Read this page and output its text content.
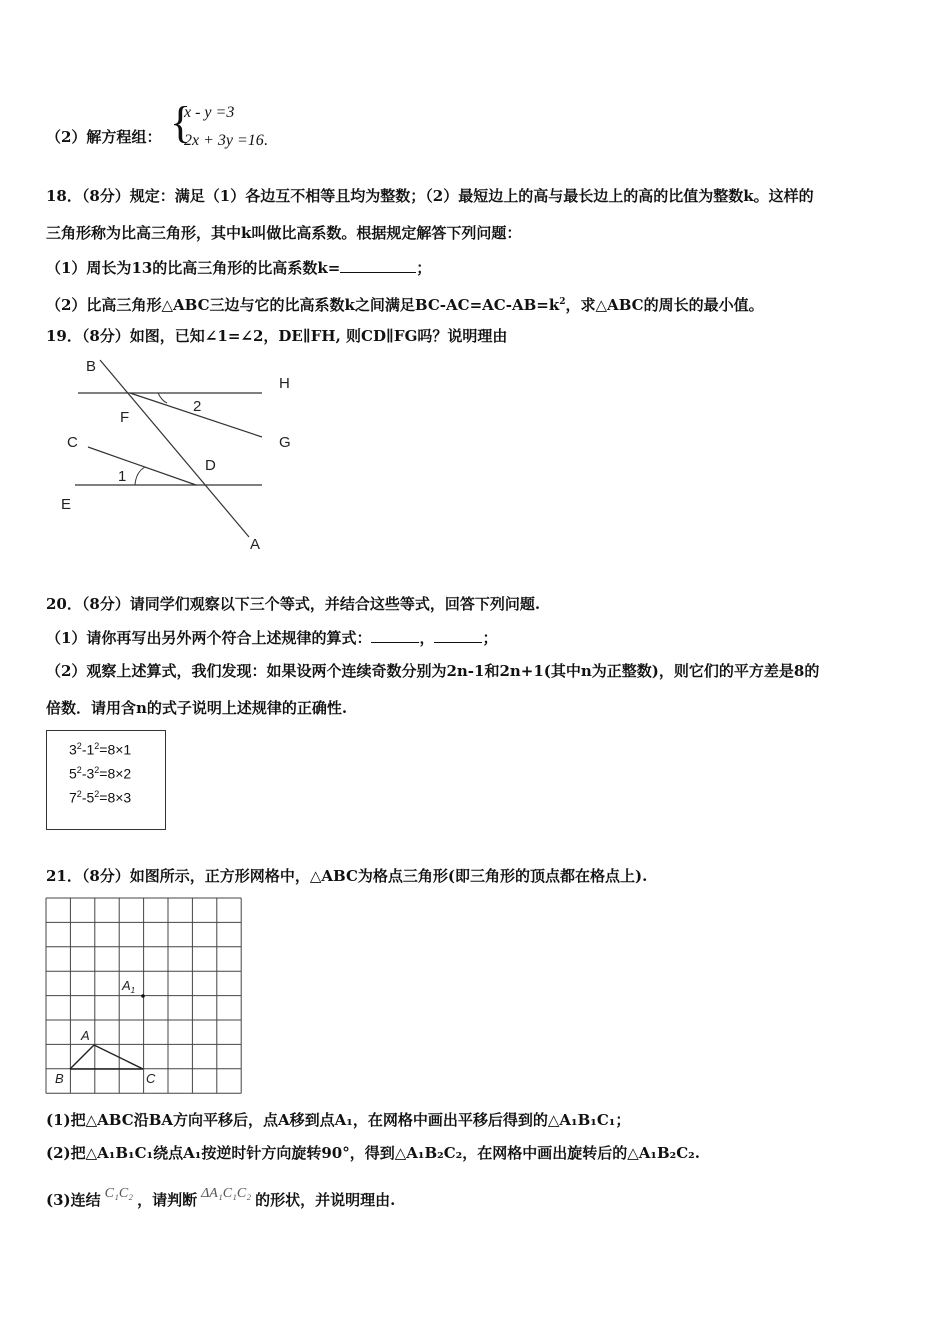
（2）解方程组： {
x - y =3
2x + 3y =16.
18．（8分）规定：满足（1）各边互不相等且均为整数；（2）最短边上的高与最长边上的高的比值为整数k。这样的
三角形称为比高三角形，其中k叫做比高系数。根据规定解答下列问题：
（1）周长为13的比高三角形的比高系数k=	；
（2）比高三角形△ABC三边与它的比高系数k之间满足$BC-AC=AC-AB=k^2$，求△ABC的周长的最小值。
19．（8分）如图，已知∠1=∠2，DE∥FH, 则CD∥FG吗？说明理由
B
H
F
2
G
C
D
1
E
A
20．（8分）请同学们观察以下三个等式，并结合这些等式，回答下列问题.
（1）请你再写出另外两个符合上述规律的算式：	，	；
（2）观察上述算式，我们发现：如果设两个连续奇数分别为2n-1和2n+1(其中n为正整数)，则它们的平方差是8的
倍数．请用含n的式子说明上述规律的正确性.
$3^2-1^2=8\times 1$
$5^2-3^2=8\times 2$
$7^2-5^2=8\times 3$
21．（8分）如图所示，正方形网格中，△ABC为格点三角形(即三角形的顶点都在格点上).
$A_1$
A
B	C
(1)把△ABC沿BA方向平移后，点A移到点A₁，在网格中画出平移后得到的△A₁B₁C₁；
(2)把△A₁B₁C₁绕点A₁按逆时针方向旋转90°，得到△A₁B₂C₂，在网格中画出旋转后的△A₁B₂C₂.
(3)连结 C₁C₂ ，请判断 ΔA₁C₁C₂ 的形状，并说明理由.
